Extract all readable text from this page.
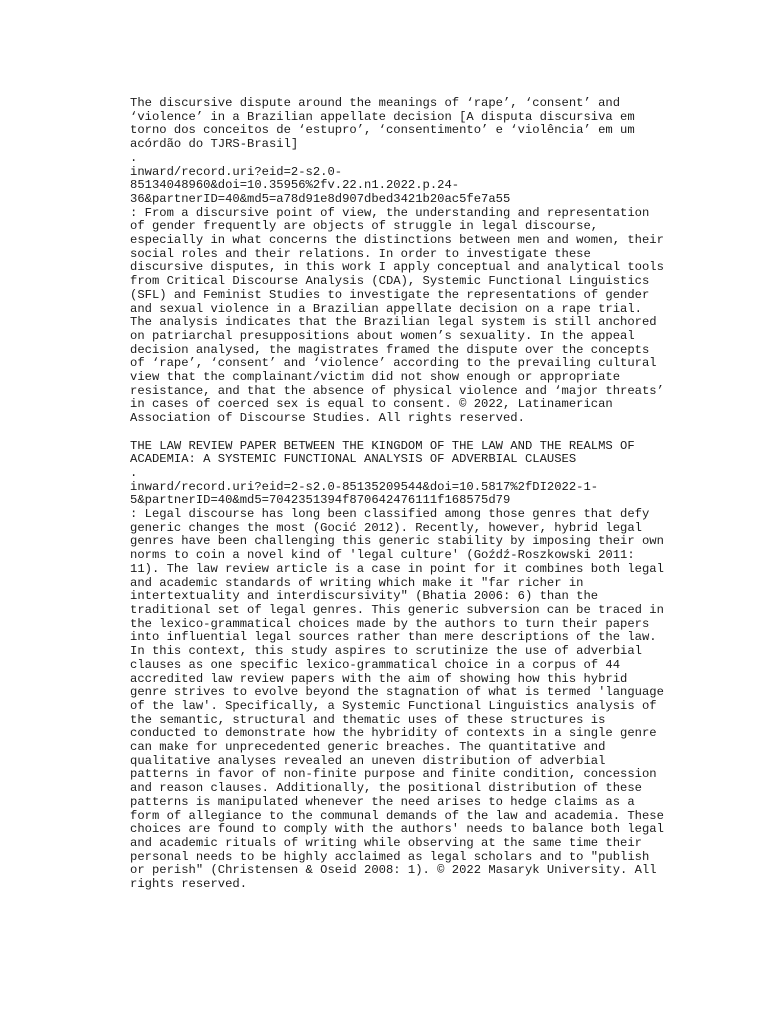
The discursive dispute around the meanings of ‘rape’, ‘consent’ and
‘violence’ in a Brazilian appellate decision [A disputa discursiva em
torno dos conceitos de ‘estupro’, ‘consentimento’ e ‘violência’ em um
acórdão do TJRS-Brasil]
.
inward/record.uri?eid=2-s2.0-
85134048960&doi=10.35956%2fv.22.n1.2022.p.24-
36&partnerID=40&md5=a78d91e8d907dbed3421b20ac5fe7a55
: From a discursive point of view, the understanding and representation
of gender frequently are objects of struggle in legal discourse,
especially in what concerns the distinctions between men and women, their
social roles and their relations. In order to investigate these
discursive disputes, in this work I apply conceptual and analytical tools
from Critical Discourse Analysis (CDA), Systemic Functional Linguistics
(SFL) and Feminist Studies to investigate the representations of gender
and sexual violence in a Brazilian appellate decision on a rape trial.
The analysis indicates that the Brazilian legal system is still anchored
on patriarchal presuppositions about women’s sexuality. In the appeal
decision analysed, the magistrates framed the dispute over the concepts
of ‘rape’, ‘consent’ and ‘violence’ according to the prevailing cultural
view that the complainant/victim did not show enough or appropriate
resistance, and that the absence of physical violence and ‘major threats’
in cases of coerced sex is equal to consent. © 2022, Latinamerican
Association of Discourse Studies. All rights reserved.
THE LAW REVIEW PAPER BETWEEN THE KINGDOM OF THE LAW AND THE REALMS OF
ACADEMIA: A SYSTEMIC FUNCTIONAL ANALYSIS OF ADVERBIAL CLAUSES
.
inward/record.uri?eid=2-s2.0-85135209544&doi=10.5817%2fDI2022-1-
5&partnerID=40&md5=7042351394f870642476111f168575d79
: Legal discourse has long been classified among those genres that defy
generic changes the most (Gocić 2012). Recently, however, hybrid legal
genres have been challenging this generic stability by imposing their own
norms to coin a novel kind of 'legal culture' (Goźdź-Roszkowski 2011:
11). The law review article is a case in point for it combines both legal
and academic standards of writing which make it "far richer in
intertextuality and interdiscursivity" (Bhatia 2006: 6) than the
traditional set of legal genres. This generic subversion can be traced in
the lexico-grammatical choices made by the authors to turn their papers
into influential legal sources rather than mere descriptions of the law.
In this context, this study aspires to scrutinize the use of adverbial
clauses as one specific lexico-grammatical choice in a corpus of 44
accredited law review papers with the aim of showing how this hybrid
genre strives to evolve beyond the stagnation of what is termed 'language
of the law'. Specifically, a Systemic Functional Linguistics analysis of
the semantic, structural and thematic uses of these structures is
conducted to demonstrate how the hybridity of contexts in a single genre
can make for unprecedented generic breaches. The quantitative and
qualitative analyses revealed an uneven distribution of adverbial
patterns in favor of non-finite purpose and finite condition, concession
and reason clauses. Additionally, the positional distribution of these
patterns is manipulated whenever the need arises to hedge claims as a
form of allegiance to the communal demands of the law and academia. These
choices are found to comply with the authors' needs to balance both legal
and academic rituals of writing while observing at the same time their
personal needs to be highly acclaimed as legal scholars and to "publish
or perish" (Christensen & Oseid 2008: 1). © 2022 Masaryk University. All
rights reserved.
